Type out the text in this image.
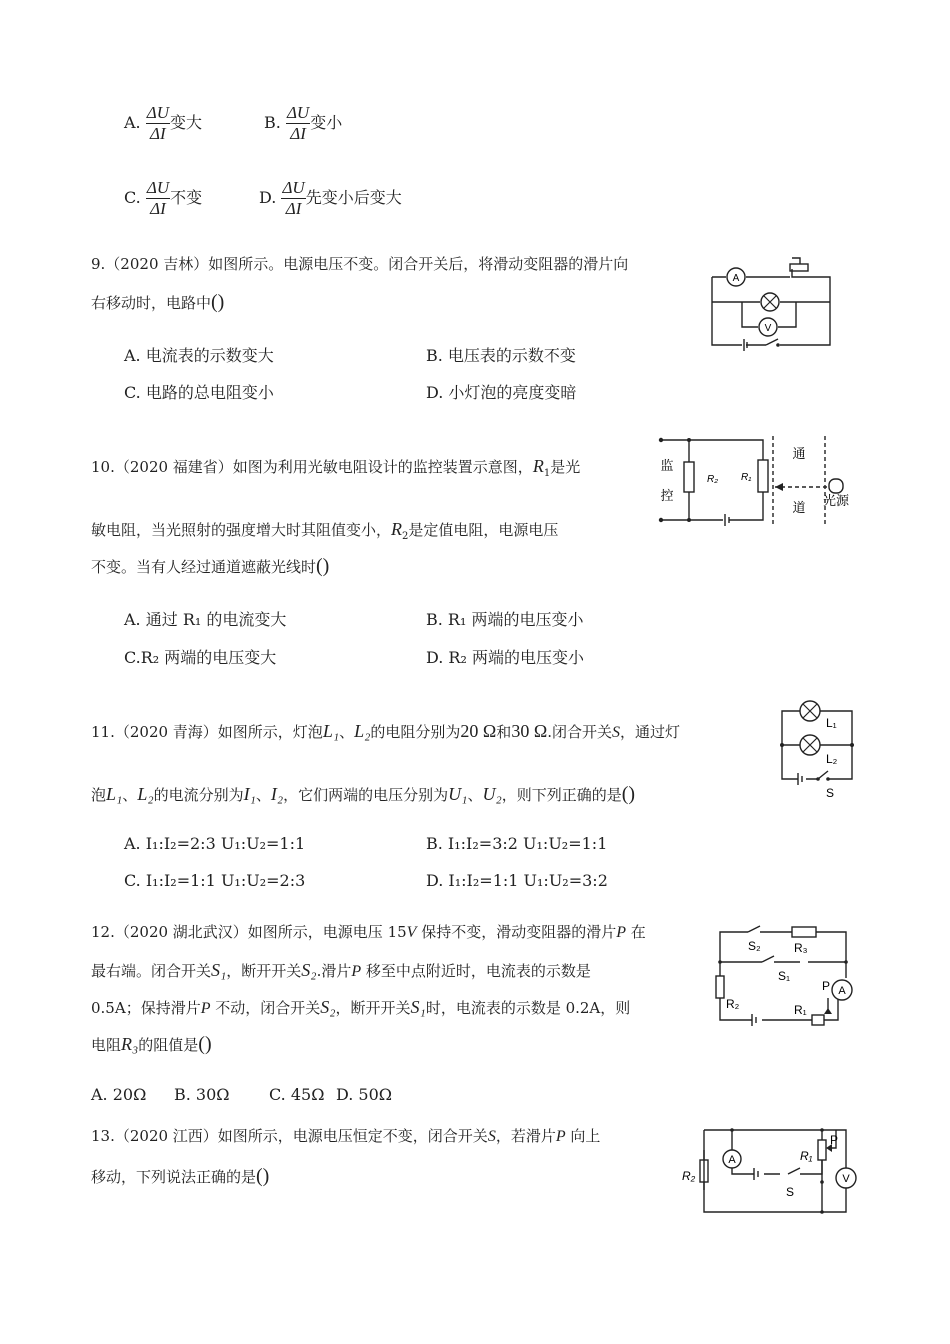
A. $\frac{\Delta U}{\Delta I}$ 变大	B. $\frac{\Delta U}{\Delta I}$ 变小
C. $\frac{\Delta U}{\Delta I}$ 不变	D. $\frac{\Delta U}{\Delta I}$ 先变小后变大
9.（2020 吉林）如图所示。电源电压不变。闭合开关后，将滑动变阻器的滑片向
右移动时，电路中()
A. 电流表的示数变大	B. 电压表的示数不变
C. 电路的总电阻变小	D. 小灯泡的亮度变暗
A
V
10.（2020 福建省）如图为利用光敏电阻设计的监控装置示意图，$R_1$是光
敏电阻，当光照射的强度增大时其阻值变小，$R_2$是定值电阻，电源电压
不变。当有人经过通道遮蔽光线时()
A. 通过 R₁ 的电流变大	B. R₁ 两端的电压变小
C.R₂ 两端的电压变大	D. R₂ 两端的电压变小
监
控
R₂ R₁
通
道 光源
11.（2020 青海）如图所示，灯泡L₁、L₂的电阻分别为20 Ω和30 Ω.闭合开关S，通过灯
泡L₁、L₂的电流分别为I₁、I₂，它们两端的电压分别为U₁、U₂，则下列正确的是()
A. I₁:I₂=2:3 U₁:U₂=1:1	B. I₁:I₂=3:2 U₁:U₂=1:1
C. I₁:I₂=1:1 U₁:U₂=2:3	D. I₁:I₂=1:1 U₁:U₂=3:2
L₁
L₂
S
12.（2020 湖北武汉）如图所示，电源电压 15V 保持不变，滑动变阻器的滑片P 在
最右端。闭合开关S₁，断开开关S₂.滑片P 移至中点附近时，电流表的示数是
0.5A；保持滑片P 不动，闭合开关S₂，断开开关S₁时，电流表的示数是 0.2A，则
电阻R₃的阻值是()
A. 20Ω B. 30Ω C. 45Ω D. 50Ω
S₂	R₃
S₁
P A
R₂	R₁
13.（2020 江西）如图所示，电源电压恒定不变，闭合开关S，若滑片P 向上
移动，下列说法正确的是()	R₂
A	R₁
P
V
S
